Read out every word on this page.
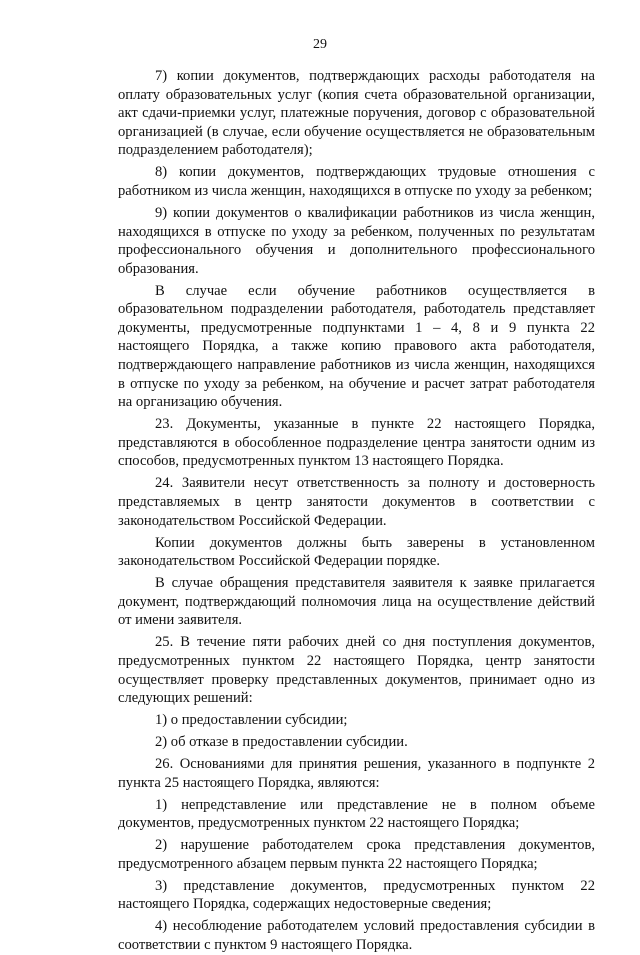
29

7) копии документов, подтверждающих расходы работодателя на оплату образовательных услуг (копия счета образовательной организации, акт сдачи-приемки услуг, платежные поручения, договор с образовательной организацией (в случае, если обучение осуществляется не образовательным подразделением работодателя);

8) копии документов, подтверждающих трудовые отношения с работником из числа женщин, находящихся в отпуске по уходу за ребенком;

9) копии документов о квалификации работников из числа женщин, находящихся в отпуске по уходу за ребенком, полученных по результатам профессионального обучения и дополнительного профессионального образования.

В случае если обучение работников осуществляется в образовательном подразделении работодателя, работодатель представляет документы, предусмотренные подпунктами 1 – 4, 8 и 9 пункта 22 настоящего Порядка, а также копию правового акта работодателя, подтверждающего направление работников из числа женщин, находящихся в отпуске по уходу за ребенком, на обучение и расчет затрат работодателя на организацию обучения.

23. Документы, указанные в пункте 22 настоящего Порядка, представляются в обособленное подразделение центра занятости одним из способов, предусмотренных пунктом 13 настоящего Порядка.

24. Заявители несут ответственность за полноту и достоверность представляемых в центр занятости документов в соответствии с законодательством Российской Федерации.

Копии документов должны быть заверены в установленном законодательством Российской Федерации порядке.

В случае обращения представителя заявителя к заявке прилагается документ, подтверждающий полномочия лица на осуществление действий от имени заявителя.

25. В течение пяти рабочих дней со дня поступления документов, предусмотренных пунктом 22 настоящего Порядка, центр занятости осуществляет проверку представленных документов, принимает одно из следующих решений:

1) о предоставлении субсидии;

2) об отказе в предоставлении субсидии.

26. Основаниями для принятия решения, указанного в подпункте 2 пункта 25 настоящего Порядка, являются:

1) непредставление или представление не в полном объеме документов, предусмотренных пунктом 22 настоящего Порядка;

2) нарушение работодателем срока представления документов, предусмотренного абзацем первым пункта 22 настоящего Порядка;

3) представление документов, предусмотренных пунктом 22 настоящего Порядка, содержащих недостоверные сведения;

4) несоблюдение работодателем условий предоставления субсидии в соответствии с пунктом 9 настоящего Порядка.
